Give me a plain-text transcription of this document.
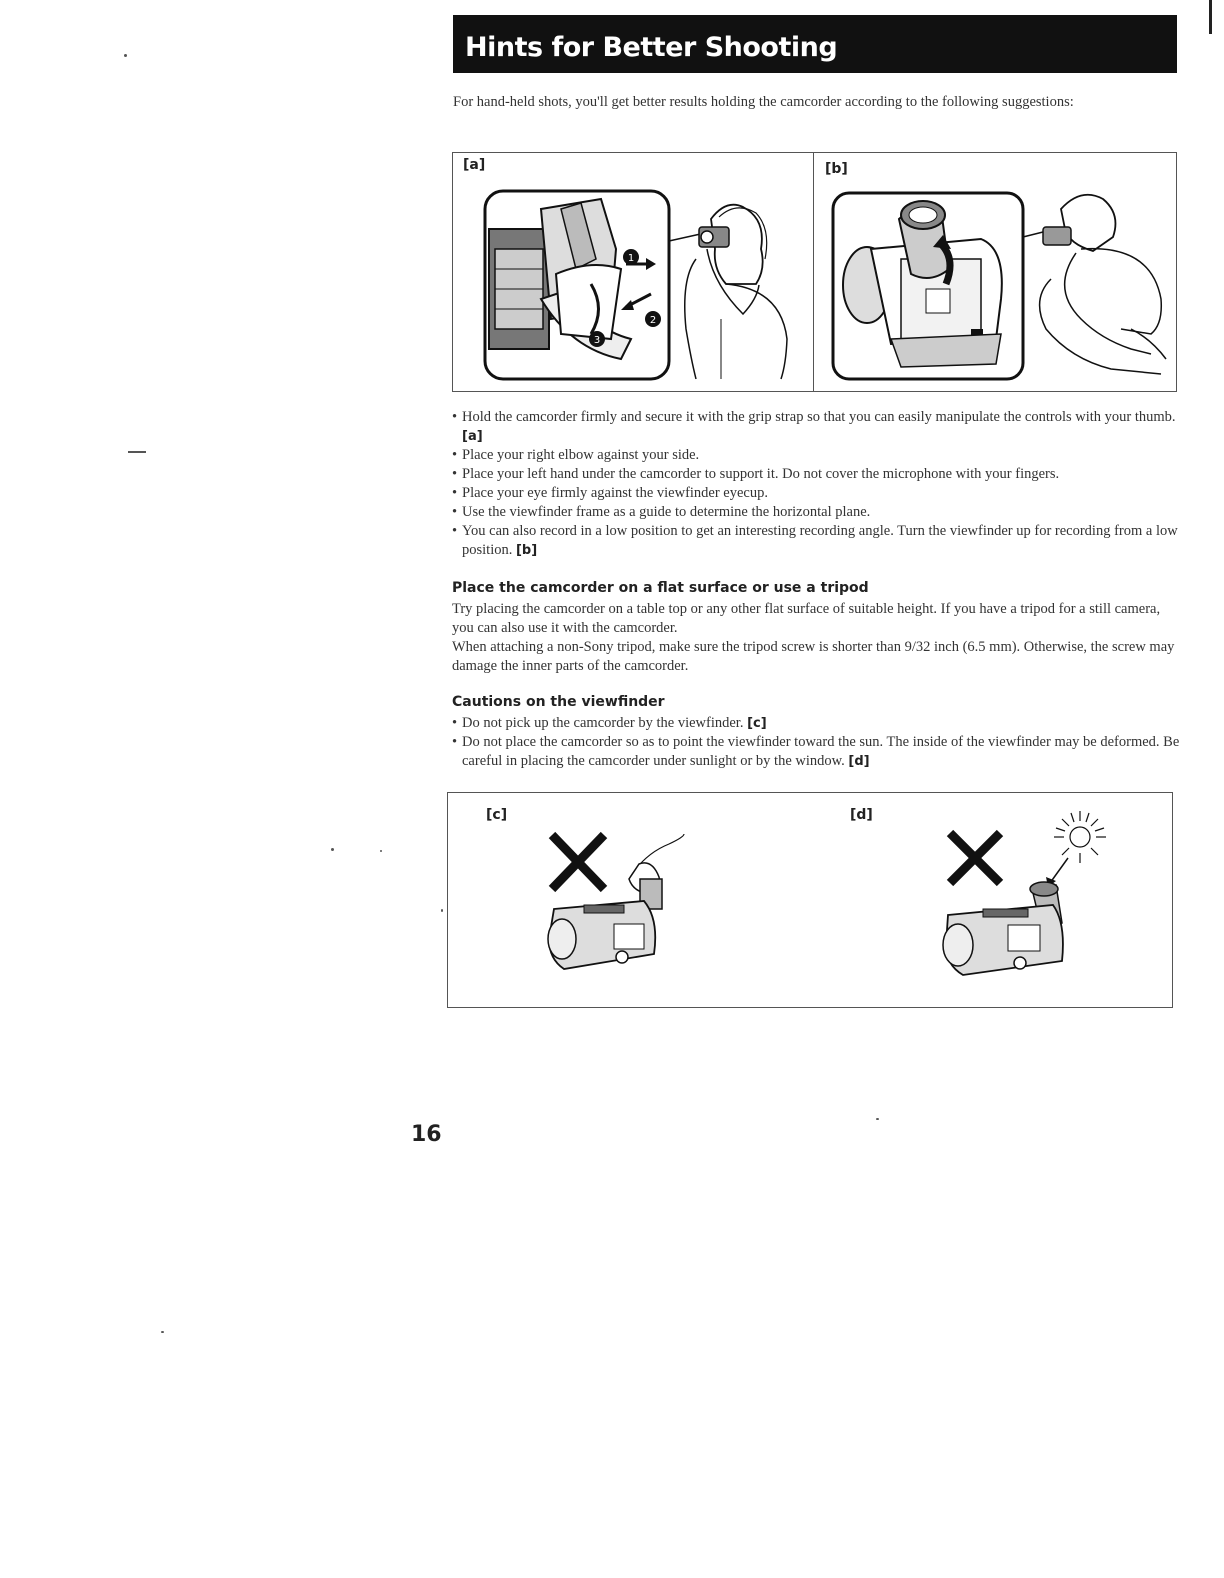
Hints for Better Shooting

For hand-held shots, you'll get better results holding the camcorder according to the following suggestions:

[a]	[b]
1
2
3
• Hold the camcorder firmly and secure it with the grip strap so that you can easily manipulate the controls with your thumb. [a]
• Place your right elbow against your side.
• Place your left hand under the camcorder to support it. Do not cover the microphone with your fingers.
• Place your eye firmly against the viewfinder eyecup.
• Use the viewfinder frame as a guide to determine the horizontal plane.
• You can also record in a low position to get an interesting recording angle. Turn the viewfinder up for recording from a low position. [b]
Place the camcorder on a flat surface or use a tripod

Try placing the camcorder on a table top or any other flat surface of suitable height. If you have a tripod for a still camera, you can also use it with the camcorder.

When attaching a non-Sony tripod, make sure the tripod screw is shorter than 9/32 inch (6.5 mm). Otherwise, the screw may damage the inner parts of the camcorder.

Cautions on the viewfinder
• Do not pick up the camcorder by the viewfinder. [c]
• Do not place the camcorder so as to point the viewfinder toward the sun. The inside of the viewfinder may be deformed. Be careful in placing the camcorder under sunlight or by the window. [d]
[c]	[d]
16
